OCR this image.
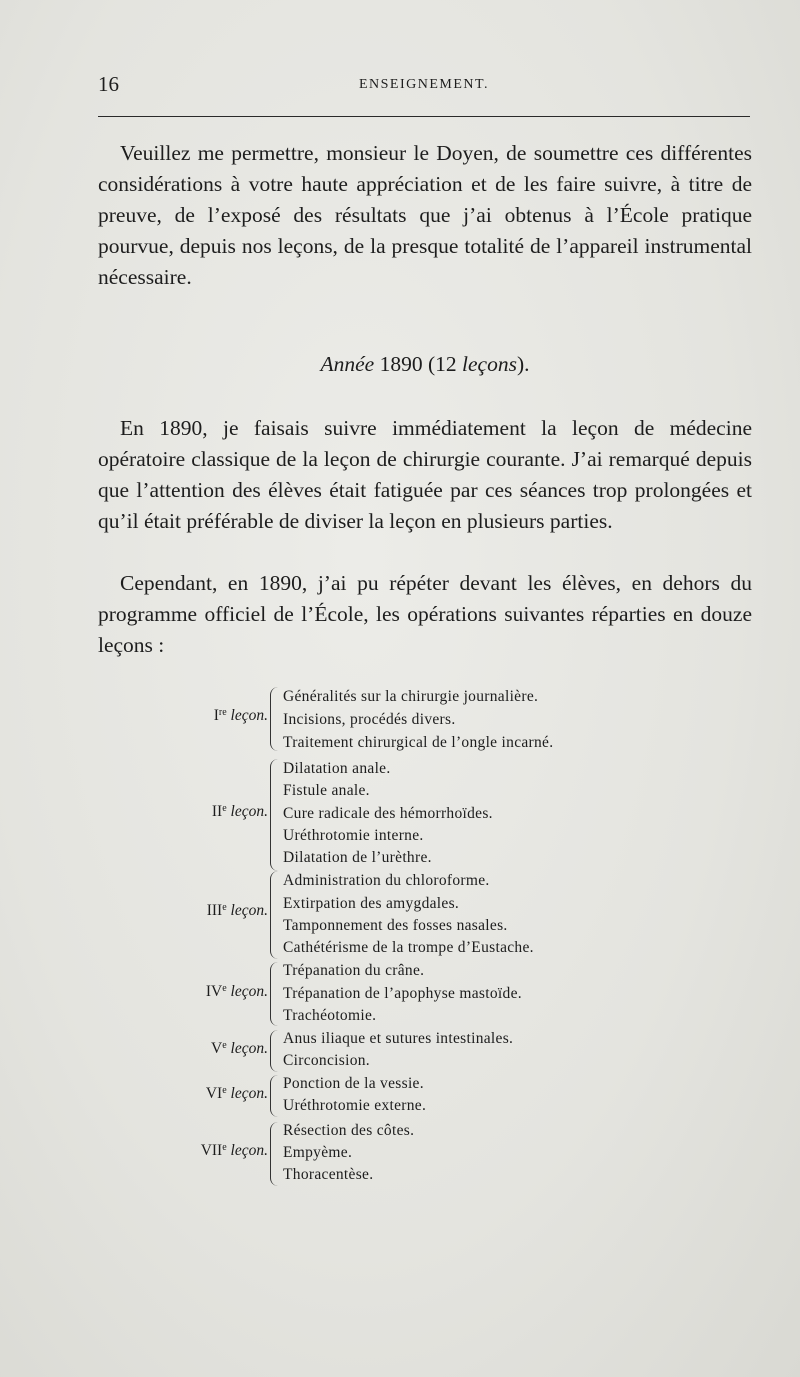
16	ENSEIGNEMENT.

Veuillez me permettre, monsieur le Doyen, de soumettre ces différentes considérations à votre haute appréciation et de les faire suivre, à titre de preuve, de l’exposé des résultats que j’ai obtenus à l’École pratique pourvue, depuis nos leçons, de la presque totalité de l’appareil instrumental nécessaire.

Année 1890 (12 leçons).

En 1890, je faisais suivre immédiatement la leçon de médecine opératoire classique de la leçon de chirurgie courante. J’ai remarqué depuis que l’attention des élèves était fatiguée par ces séances trop prolongées et qu’il était préférable de diviser la leçon en plusieurs parties.

Cependant, en 1890, j’ai pu répéter devant les élèves, en dehors du programme officiel de l’École, les opérations suivantes réparties en douze leçons :

Ire leçon.
Généralités sur la chirurgie journalière.
Incisions, procédés divers.
Traitement chirurgical de l’ongle incarné.
IIe leçon.
Dilatation anale.
Fistule anale.
Cure radicale des hémorrhoïdes.
Uréthrotomie interne.
Dilatation de l’urèthre.
IIIe leçon.
Administration du chloroforme.
Extirpation des amygdales.
Tamponnement des fosses nasales.
Cathétérisme de la trompe d’Eustache.
IVe leçon.
Trépanation du crâne.
Trépanation de l’apophyse mastoïde.
Trachéotomie.
Ve leçon.
Anus iliaque et sutures intestinales.
Circoncision.
VIe leçon.
Ponction de la vessie.
Uréthrotomie externe.
VIIe leçon.
Résection des côtes.
Empyème.
Thoracentèse.
